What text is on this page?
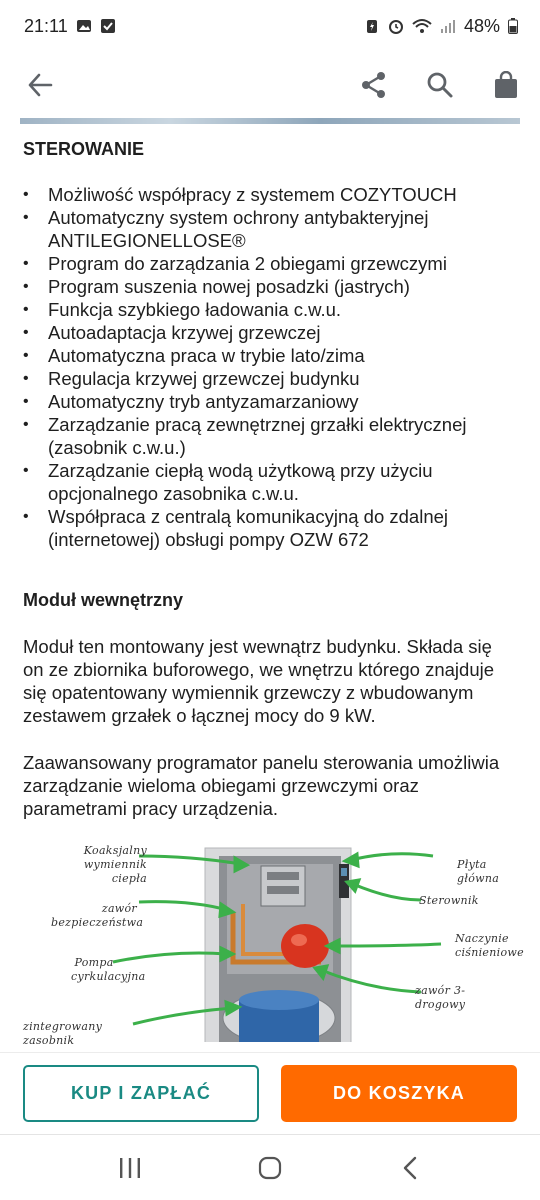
21:11	48%
STEROWANIE
• Możliwość współpracy z systemem COZYTOUCH
• Automatyczny system ochrony antybakteryjnej ANTILEGIONELLOSE®
• Program do zarządzania 2 obiegami grzewczymi
• Program suszenia nowej posadzki (jastrych)
• Funkcja szybkiego ładowania c.w.u.
• Autoadaptacja krzywej grzewczej
• Automatyczna praca w trybie lato/zima
• Regulacja krzywej grzewczej budynku
• Automatyczny tryb antyzamarzaniowy
• Zarządzanie pracą zewnętrznej grzałki elektrycznej (zasobnik c.w.u.)
• Zarządzanie ciepłą wodą użytkową przy użyciu opcjonalnego zasobnika c.w.u.
• Współpraca z centralą komunikacyjną do zdalnej (internetowej) obsługi pompy OZW 672
Moduł wewnętrzny

Moduł ten montowany jest wewnątrz budynku. Składa się on ze zbiornika buforowego, we wnętrzu którego znajduje się opatentowany wymiennik grzewczy z wbudowanym zestawem grzałek o łącznej mocy do 9 kW.

Zaawansowany programator panelu sterowania umożliwia zarządzanie wieloma obiegami grzewczymi oraz parametrami pracy urządzenia.

Koaksjalny wymiennik ciepła
zawór bezpieczeństwa
Pompa cyrkulacyjna
zintegrowany zasobnik
Płyta główna
Sterownik
Naczynie ciśnieniowe
zawór 3-drogowy
KUP I ZAPŁAĆ	DO KOSZYKA
